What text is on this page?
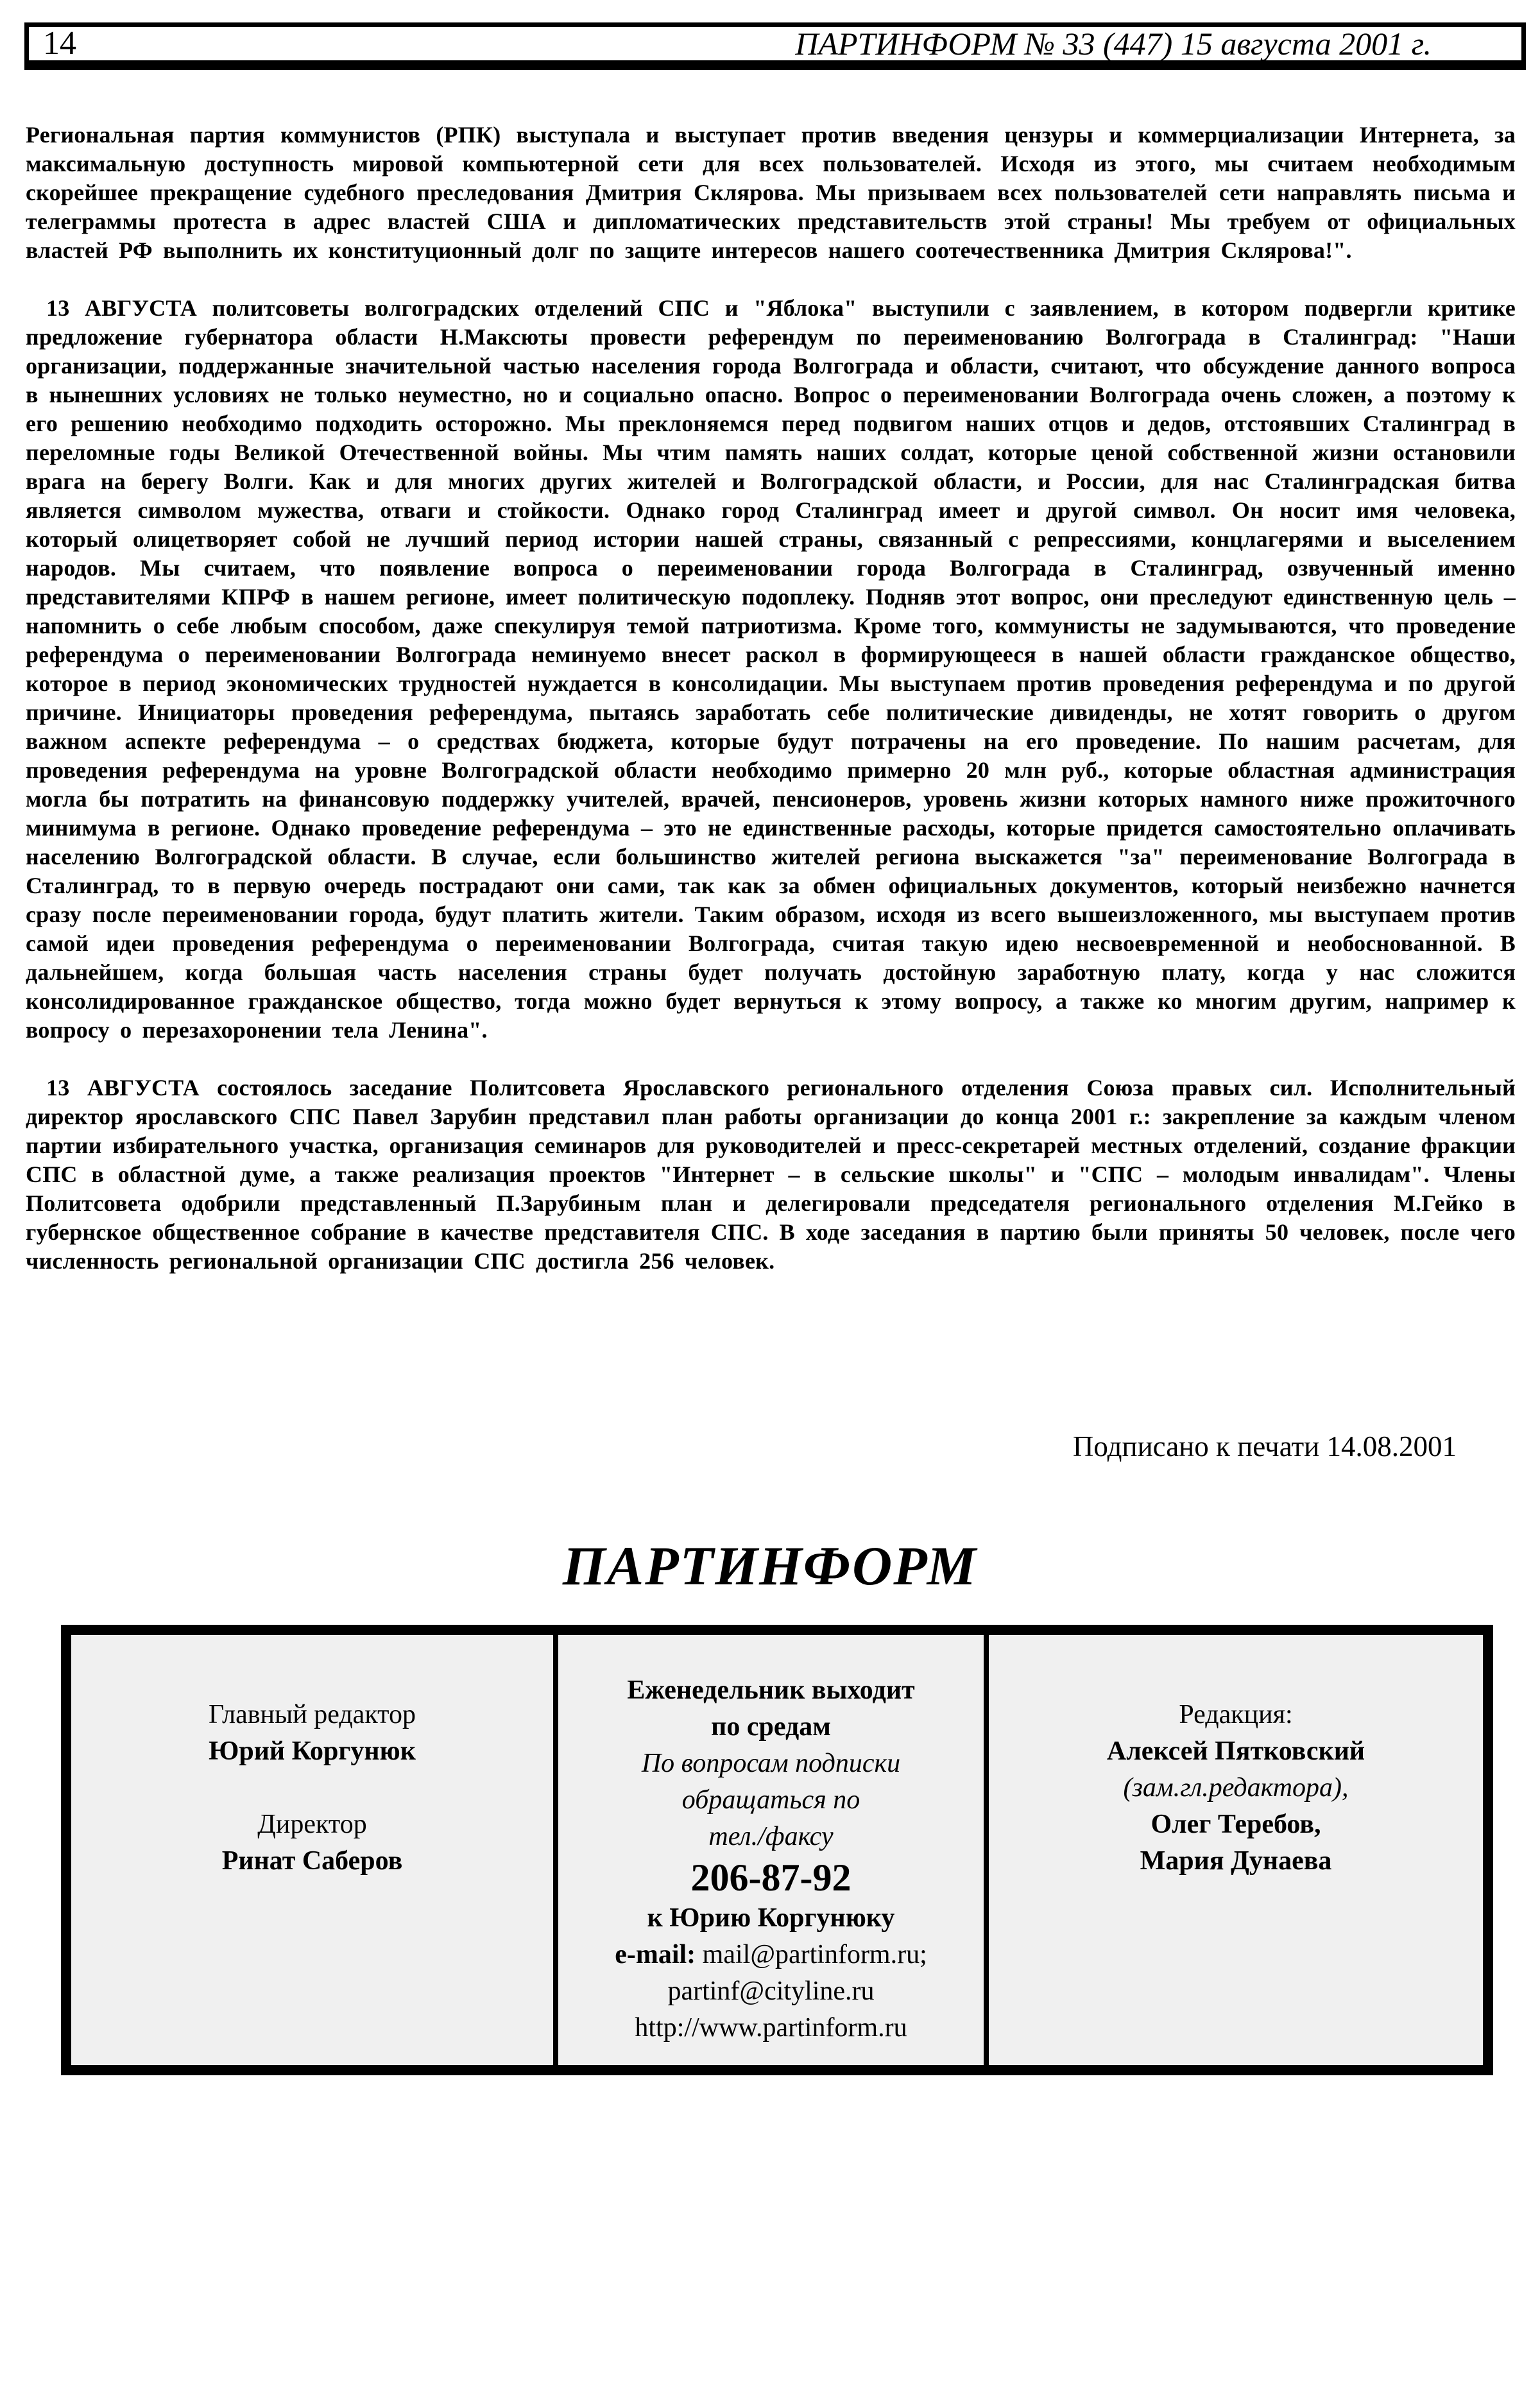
14	ПАРТИНФОРМ № 33 (447) 15 августа 2001 г.

Региональная партия коммунистов (РПК) выступала и выступает против введения цензуры и коммерциализации Интернета, за максимальную доступность мировой компьютерной сети для всех пользователей. Исходя из этого, мы считаем необходимым скорейшее прекращение судебного преследования Дмитрия Склярова. Мы призываем всех пользователей сети направлять письма и телеграммы протеста в адрес властей США и дипломатических представительств этой страны! Мы требуем от официальных властей РФ выполнить их конституционный долг по защите интересов нашего соотечественника Дмитрия Склярова!".

13 АВГУСТА политсоветы волгоградских отделений СПС и "Яблока" выступили с заявлением, в котором подвергли критике предложение губернатора области Н.Максюты провести референдум по переименованию Волгограда в Сталинград: "Наши организации, поддержанные значительной частью населения города Волгограда и области, считают, что обсуждение данного вопроса в нынешних условиях не только неуместно, но и социально опасно. Вопрос о переименовании Волгограда очень сложен, а поэтому к его решению необходимо подходить осторожно. Мы преклоняемся перед подвигом наших отцов и дедов, отстоявших Сталинград в переломные годы Великой Отечественной войны. Мы чтим память наших солдат, которые ценой собственной жизни остановили врага на берегу Волги. Как и для многих других жителей и Волгоградской области, и России, для нас Сталинградская битва является символом мужества, отваги и стойкости. Однако город Сталинград имеет и другой символ. Он носит имя человека, который олицетворяет собой не лучший период истории нашей страны, связанный с репрессиями, концлагерями и выселением народов. Мы считаем, что появление вопроса о переименовании города Волгограда в Сталинград, озвученный именно представителями КПРФ в нашем регионе, имеет политическую подоплеку. Подняв этот вопрос, они преследуют единственную цель – напомнить о себе любым способом, даже спекулируя темой патриотизма. Кроме того, коммунисты не задумываются, что проведение референдума о переименовании Волгограда неминуемо внесет раскол в формирующееся в нашей области гражданское общество, которое в период экономических трудностей нуждается в консолидации. Мы выступаем против проведения референдума и по другой причине. Инициаторы проведения референдума, пытаясь заработать себе политические дивиденды, не хотят говорить о другом важном аспекте референдума – о средствах бюджета, которые будут потрачены на его проведение. По нашим расчетам, для проведения референдума на уровне Волгоградской области необходимо примерно 20 млн руб., которые областная администрация могла бы потратить на финансовую поддержку учителей, врачей, пенсионеров, уровень жизни которых намного ниже прожиточного минимума в регионе. Однако проведение референдума – это не единственные расходы, которые придется самостоятельно оплачивать населению Волгоградской области. В случае, если большинство жителей региона выскажется "за" переименование Волгограда в Сталинград, то в первую очередь пострадают они сами, так как за обмен официальных документов, который неизбежно начнется сразу после переименовании города, будут платить жители. Таким образом, исходя из всего вышеизложенного, мы выступаем против самой идеи проведения референдума о переименовании Волгограда, считая такую идею несвоевременной и необоснованной. В дальнейшем, когда большая часть населения страны будет получать достойную заработную плату, когда у нас сложится консолидированное гражданское общество, тогда можно будет вернуться к этому вопросу, а также ко многим другим, например к вопросу о перезахоронении тела Ленина".

13 АВГУСТА состоялось заседание Политсовета Ярославского регионального отделения Союза правых сил. Исполнительный директор ярославского СПС Павел Зарубин представил план работы организации до конца 2001 г.: закрепление за каждым членом партии избирательного участка, организация семинаров для руководителей и пресс-секретарей местных отделений, создание фракции СПС в областной думе, а также реализация проектов "Интернет – в сельские школы" и "СПС – молодым инвалидам". Члены Политсовета одобрили представленный П.Зарубиным план и делегировали председателя регионального отделения М.Гейко в губернское общественное собрание в качестве представителя СПС. В ходе заседания в партию были приняты 50 человек, после чего численность региональной организации СПС достигла 256 человек.

Подписано к печати 14.08.2001
ПАРТИНФОРМ
Главный редактор
Юрий Коргунюк
Директор
Ринат Саберов
Еженедельник выходит
по средам
По вопросам подписки
обращаться по
тел./факсу
206-87-92
к Юрию Коргунюку
e-mail: mail@partinform.ru;
partinf@cityline.ru
http://www.partinform.ru
Редакция:
Алексей Пятковский
(зам.гл.редактора),
Олег Теребов,
Мария Дунаева
